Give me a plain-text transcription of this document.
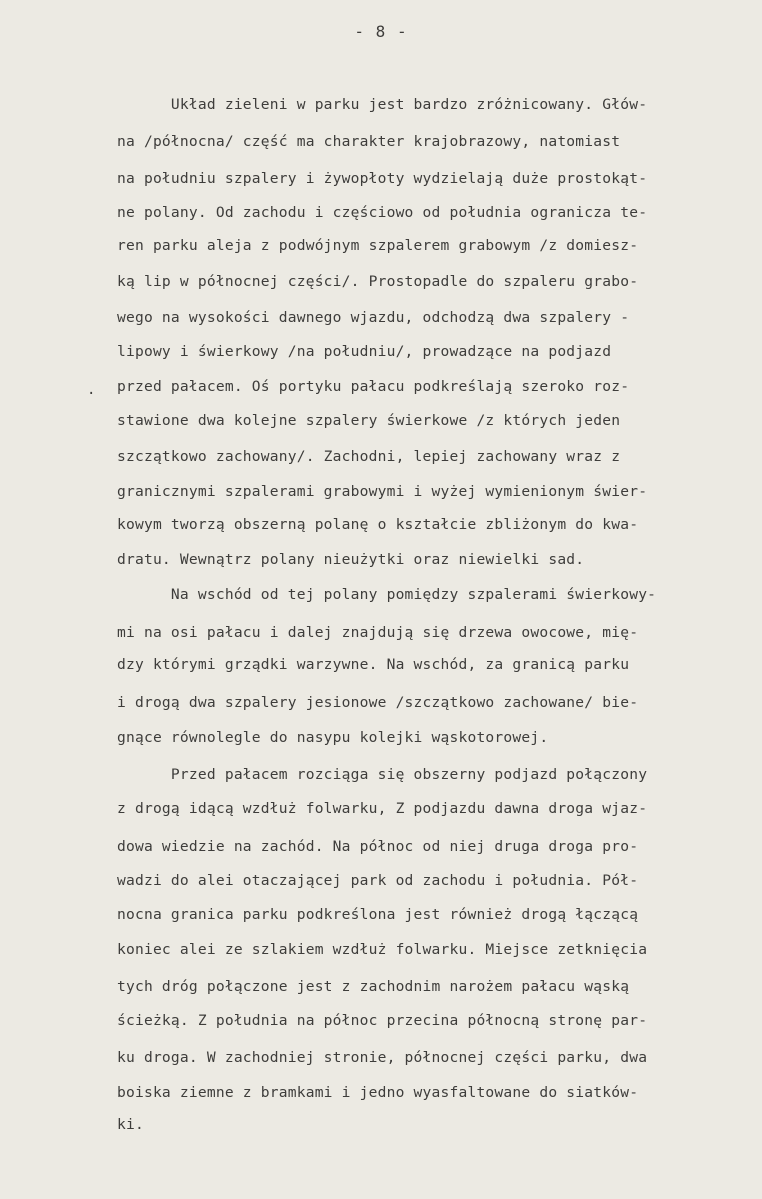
- 8 -
.
Układ zieleni w parku jest bardzo zróżnicowany. Głów-
na /północna/ część ma charakter krajobrazowy, natomiast
na południu szpalery i żywopłoty wydzielają duże prostokąt-
ne polany. Od zachodu i częściowo od południa ogranicza te-
ren parku aleja z podwójnym szpalerem grabowym /z domiesz-
ką lip w północnej części/. Prostopadle do szpaleru grabo-
wego na wysokości dawnego wjazdu, odchodzą dwa szpalery -
lipowy i świerkowy /na południu/, prowadzące na podjazd
przed pałacem. Oś portyku pałacu podkreślają szeroko roz-
stawione dwa kolejne szpalery świerkowe /z których jeden
szczątkowo zachowany/. Zachodni, lepiej zachowany wraz z
granicznymi szpalerami grabowymi i wyżej wymienionym świer-
kowym tworzą obszerną polanę o kształcie zbliżonym do kwa-
dratu. Wewnątrz polany nieużytki oraz niewielki sad.
Na wschód od tej polany pomiędzy szpalerami świerkowy-
mi na osi pałacu i dalej znajdują się drzewa owocowe, mię-
dzy którymi grządki warzywne. Na wschód, za granicą parku
i drogą dwa szpalery jesionowe /szczątkowo zachowane/ bie-
gnące równolegle do nasypu kolejki wąskotorowej.
Przed pałacem rozciąga się obszerny podjazd połączony
z drogą idącą wzdłuż folwarku, Z podjazdu dawna droga wjaz-
dowa wiedzie na zachód. Na północ od niej druga droga pro-
wadzi do alei otaczającej park od zachodu i południa. Pół-
nocna granica parku podkreślona jest również drogą łączącą
koniec alei ze szlakiem wzdłuż folwarku. Miejsce zetknięcia
tych dróg połączone jest z zachodnim narożem pałacu wąską
ścieżką. Z południa na północ przecina północną stronę par-
ku droga. W zachodniej stronie, północnej części parku, dwa
boiska ziemne z bramkami i jedno wyasfaltowane do siatków-
ki.
